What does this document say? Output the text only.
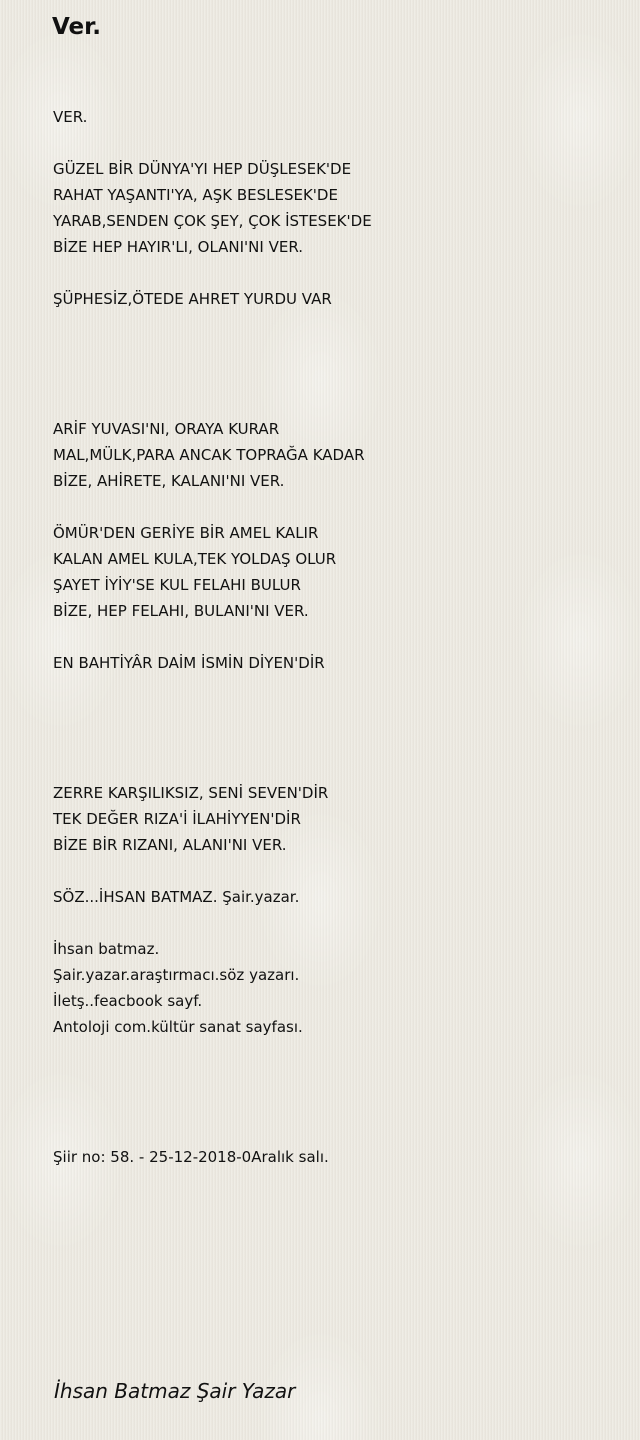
Ver.
VER.
GÜZEL BİR DÜNYA'YI HEP DÜŞLESEK'DE
RAHAT YAŞANTI'YA, AŞK BESLESEK'DE
YARAB,SENDEN ÇOK ŞEY, ÇOK İSTESEK'DE
BİZE HEP HAYIR'LI, OLANI'NI VER.
ŞÜPHESİZ,ÖTEDE AHRET YURDU VAR
ARİF YUVASI'NI, ORAYA KURAR
MAL,MÜLK,PARA ANCAK TOPRAĞA KADAR
BİZE, AHİRETE, KALANI'NI VER.
ÖMÜR'DEN GERİYE BİR AMEL KALIR
KALAN AMEL KULA,TEK YOLDAŞ OLUR
ŞAYET İYİY'SE KUL FELAHI BULUR
BİZE, HEP FELAHI, BULANI'NI VER.
EN BAHTİYÂR DAİM İSMİN DİYEN'DİR
ZERRE KARŞILIKSIZ, SENİ SEVEN'DİR
TEK DEĞER RIZA'İ İLAHİYYEN'DİR
BİZE BİR RIZANI, ALANI'NI VER.
SÖZ...İHSAN BATMAZ. Şair.yazar.
İhsan batmaz.
Şair.yazar.araştırmacı.söz yazarı.
İletş..feacbook sayf.
Antoloji com.kültür sanat sayfası.
Şiir no: 58. - 25-12-2018-0Aralık salı.
İhsan Batmaz Şair Yazar
